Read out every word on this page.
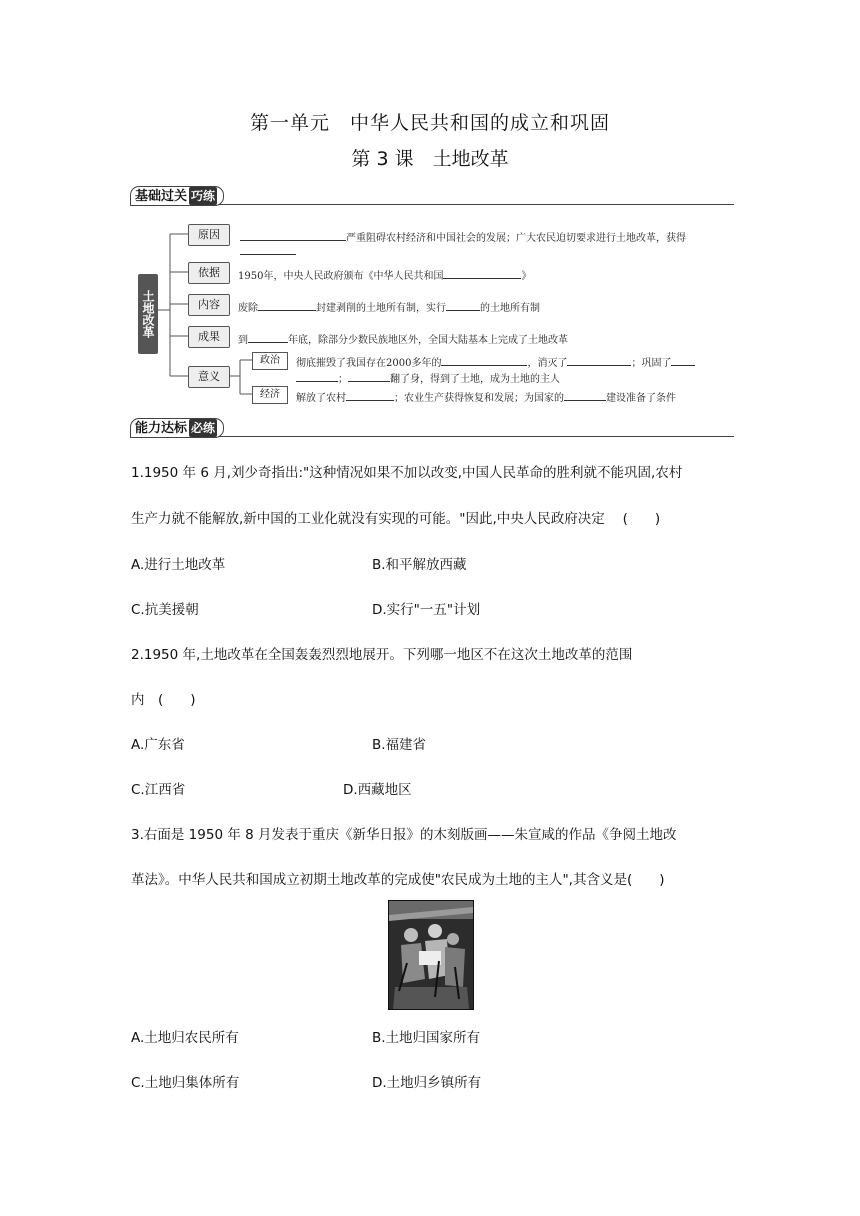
第一单元　中华人民共和国的成立和巩固
第 3 课　土地改革
基础过关 巧练
土地改革
原因
依据
内容
成果
意义
政治
经济
严重阻碍农村经济和中国社会的发展；广大农民迫切要求进行土地改革，获得
1950年，中央人民政府颁布《中华人民共和国	》
废除	封建剥削的土地所有制，实行	的土地所有制
到	年底，除部分少数民族地区外，全国大陆基本上完成了土地改革
彻底摧毁了我国存在2000多年的	，消灭了	；巩固了
；	翻了身，得到了土地，成为土地的主人
解放了农村	；农业生产获得恢复和发展；为国家的	建设准备了条件
能力达标 必练
1.1950 年 6 月,刘少奇指出:"这种情况如果不加以改变,中国人民革命的胜利就不能巩固,农村
生产力就不能解放,新中国的工业化就没有实现的可能。"因此,中央人民政府决定　 (　　)
A.进行土地改革	B.和平解放西藏
C.抗美援朝	D.实行"一五"计划
2.1950 年,土地改革在全国轰轰烈烈地展开。下列哪一地区不在这次土地改革的范围
内　(　　)
A.广东省	B.福建省
C.江西省	D.西藏地区
3.右面是 1950 年 8 月发表于重庆《新华日报》的木刻版画——朱宣咸的作品《争阅土地改
革法》。中华人民共和国成立初期土地改革的完成使"农民成为土地的主人",其含义是(　　)
A.土地归农民所有	B.土地归国家所有
C.土地归集体所有	D.土地归乡镇所有
